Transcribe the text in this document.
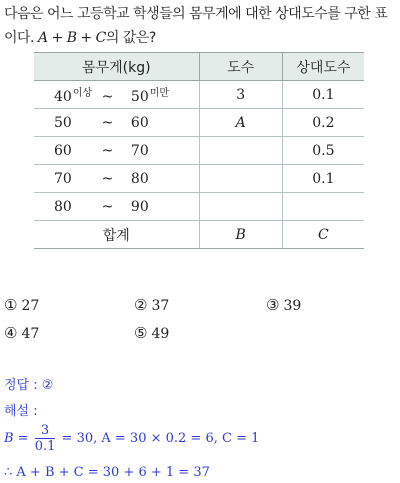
다음은 어느 고등학교 학생들의 몸무게에 대한 상대도수를 구한 표
이다. A + B + C의 값은?
몸무게(kg)	도수	상대도수
$40^{이상}$ ~ $50^{미만}$	3	0.1
50 ~ 60	A	0.2
60 ~ 70		0.5
70 ~ 80		0.1
80 ~ 90		
합계	B	C
① 27	② 37	③ 39
④ 47	⑤ 49
정답 : ②
해설 :
$B = \frac{3}{0.1} = 30$, A = 30 × 0.2 = 6, C = 1
∴ A + B + C = 30 + 6 + 1 = 37
